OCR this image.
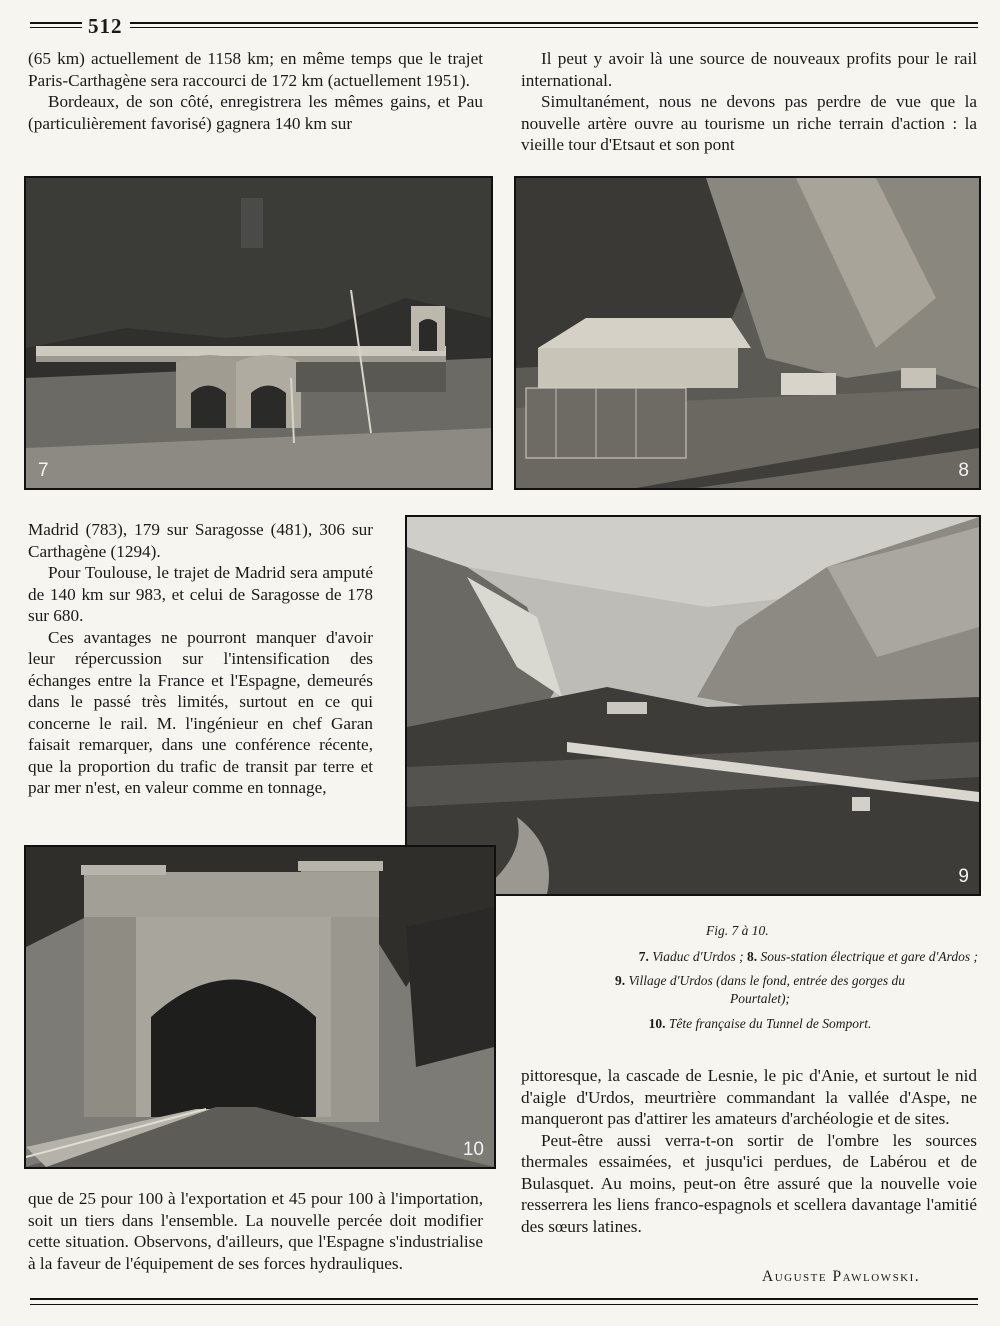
512

(65 km) actuellement de 1158 km; en même temps que le trajet Paris-Carthagène sera raccourci de 172 km (actuellement 1951).

Bordeaux, de son côté, enregistrera les mêmes gains, et Pau (particulièrement favorisé) gagnera 140 km sur

Il peut y avoir là une source de nouveaux profits pour le rail international.

Simultanément, nous ne devons pas perdre de vue que la nouvelle artère ouvre au tourisme un riche terrain d'action : la vieille tour d'Etsaut et son pont

7	8

Madrid (783), 179 sur Saragosse (481), 306 sur Carthagène (1294).

Pour Toulouse, le trajet de Madrid sera amputé de 140 km sur 983, et celui de Saragosse de 178 sur 680.

Ces avantages ne pourront manquer d'avoir leur répercussion sur l'intensification des échanges entre la France et l'Espagne, demeurés dans le passé très limités, surtout en ce qui concerne le rail. M. l'ingénieur en chef Garan faisait remarquer, dans une conférence récente, que la proportion du trafic de transit par terre et par mer n'est, en valeur comme en tonnage,

9
10
Fig. 7 à 10.
7. Viaduc d'Urdos ; 8. Sous-station électrique et gare d'Ardos ;
9. Village d'Urdos (dans le fond, entrée des gorges du Pourtalet);
10. Tête française du Tunnel de Somport.

pittoresque, la cascade de Lesnie, le pic d'Anie, et surtout le nid d'aigle d'Urdos, meurtrière commandant la vallée d'Aspe, ne manqueront pas d'attirer les amateurs d'archéologie et de sites.

Peut-être aussi verra-t-on sortir de l'ombre les sources thermales essaimées, et jusqu'ici perdues, de Labérou et de Bulasquet. Au moins, peut-on être assuré que la nouvelle voie resserrera les liens franco-espagnols et scellera davantage l'amitié des sœurs latines.

que de 25 pour 100 à l'exportation et 45 pour 100 à l'importation, soit un tiers dans l'ensemble. La nouvelle percée doit modifier cette situation. Observons, d'ailleurs, que l'Espagne s'industrialise à la faveur de l'équipement de ses forces hydrauliques.

Auguste Pawlowski.
